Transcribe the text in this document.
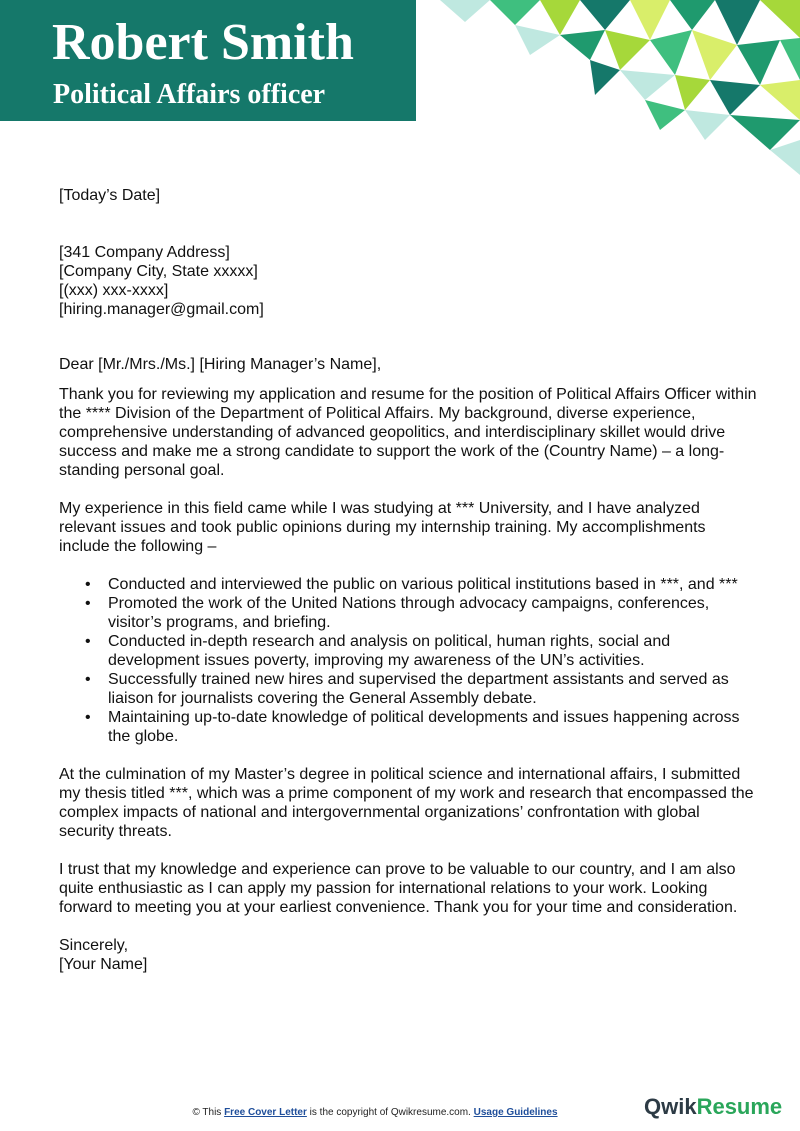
Robert Smith
Political Affairs officer

[Today’s Date]

[341 Company Address]
[Company City, State xxxxx]
[(xxx) xxx-xxxx]
[hiring.manager@gmail.com]

Dear [Mr./Mrs./Ms.] [Hiring Manager’s Name],

Thank you for reviewing my application and resume for the position of Political Affairs Officer within the **** Division of the Department of Political Affairs. My background, diverse experience, comprehensive understanding of advanced geopolitics, and interdisciplinary skillet would drive success and make me a strong candidate to support the work of the (Country Name) – a long-standing personal goal.

My experience in this field came while I was studying at *** University, and I have analyzed relevant issues and took public opinions during my internship training. My accomplishments include the following –

• Conducted and interviewed the public on various political institutions based in ***, and ***
• Promoted the work of the United Nations through advocacy campaigns, conferences, visitor’s programs, and briefing.
• Conducted in-depth research and analysis on political, human rights, social and development issues poverty, improving my awareness of the UN’s activities.
• Successfully trained new hires and supervised the department assistants and served as liaison for journalists covering the General Assembly debate.
• Maintaining up-to-date knowledge of political developments and issues happening across the globe.

At the culmination of my Master’s degree in political science and international affairs, I submitted my thesis titled ***, which was a prime component of my work and research that encompassed the complex impacts of national and intergovernmental organizations’ confrontation with global security threats.

I trust that my knowledge and experience can prove to be valuable to our country, and I am also quite enthusiastic as I can apply my passion for international relations to your work. Looking forward to meeting you at your earliest convenience. Thank you for your time and consideration.

Sincerely,
[Your Name]
© This Free Cover Letter is the copyright of Qwikresume.com. Usage Guidelines	QwikResume
